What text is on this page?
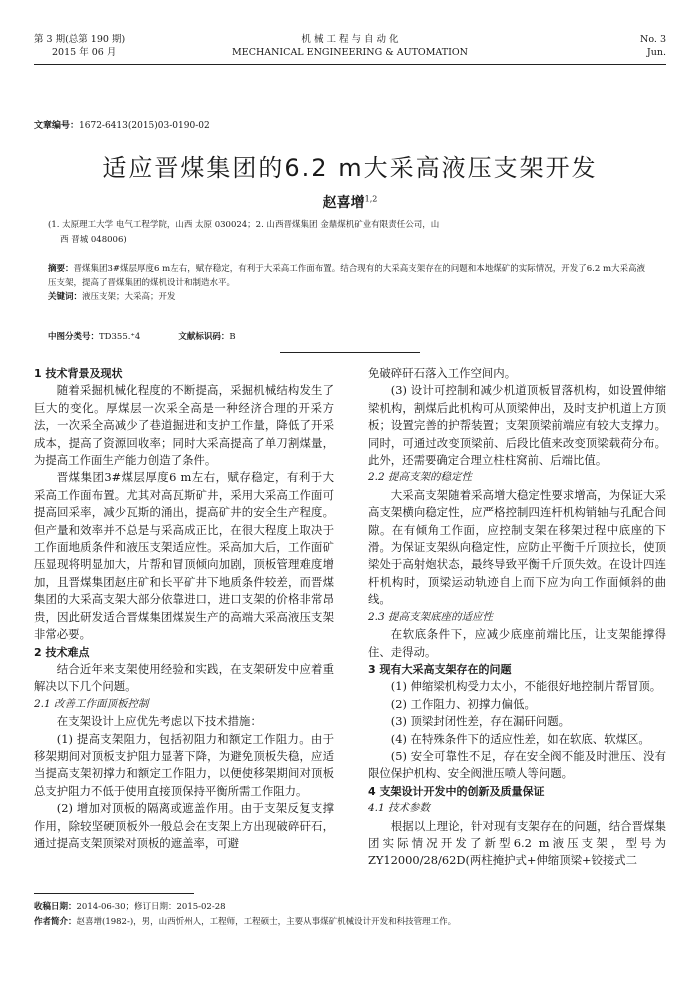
第 3 期(总第 190 期)
2015 年 06 月
机 械 工 程 与 自 动 化
MECHANICAL ENGINEERING & AUTOMATION
No. 3
Jun.
文章编号：1672-6413(2015)03-0190-02
适应晋煤集团的6.2 m大采高液压支架开发
赵喜增$^{1,2}$
(1. 太原理工大学 电气工程学院，山西 太原 030024；2. 山西晋煤集团 金鼎煤机矿业有限责任公司，山
西 晋城 048006)
摘要：晋煤集团3#煤层厚度6 m左右，赋存稳定，有利于大采高工作面布置。结合现有的大采高支架存在的问题和本地煤矿的实际情况，开发了6.2 m大采高液压支架，提高了晋煤集团的煤机设计和制造水平。
关键词：液压支架；大采高；开发
中图分类号：TD355.⁺4	文献标识码：B

1 技术背景及现状

随着采掘机械化程度的不断提高，采掘机械结构发生了巨大的变化。厚煤层一次采全高是一种经济合理的开采方法，一次采全高减少了巷道掘进和支护工作量，降低了开采成本，提高了资源回收率；同时大采高提高了单刀割煤量，为提高工作面生产能力创造了条件。

晋煤集团3#煤层厚度6 m左右，赋存稳定，有利于大采高工作面布置。尤其对高瓦斯矿井，采用大采高工作面可提高回采率，减少瓦斯的涌出，提高矿井的安全生产程度。但产量和效率并不总是与采高成正比，在很大程度上取决于工作面地质条件和液压支架适应性。采高加大后，工作面矿压显现将明显加大，片帮和冒顶倾向加剧，顶板管理难度增加，且晋煤集团赵庄矿和长平矿井下地质条件较差，而晋煤集团的大采高支架大部分依靠进口，进口支架的价格非常昂贵，因此研发适合晋煤集团煤炭生产的高端大采高液压支架非常必要。

2 技术难点

结合近年来支架使用经验和实践，在支架研发中应着重解决以下几个问题。

2.1 改善工作面顶板控制

在支架设计上应优先考虑以下技术措施：

(1) 提高支架阻力，包括初阻力和额定工作阻力。由于移架期间对顶板支护阻力显著下降，为避免顶板失稳，应适当提高支架初撑力和额定工作阻力，以便使移架期间对顶板总支护阻力不低于使用直接顶保持平衡所需工作阻力。

(2) 增加对顶板的隔离或遮盖作用。由于支架反复支撑作用，除较坚硬顶板外一般总会在支架上方出现破碎矸石，通过提高支架顶梁对顶板的遮盖率，可避

免破碎矸石落入工作空间内。

(3) 设计可控制和减少机道顶板冒落机构，如设置伸缩梁机构，割煤后此机构可从顶梁伸出，及时支护机道上方顶板；设置完善的护帮装置；支架顶梁前端应有较大支撑力。同时，可通过改变顶梁前、后段比值来改变顶梁载荷分布。此外，还需要确定合理立柱柱窝前、后端比值。

2.2 提高支架的稳定性

大采高支架随着采高增大稳定性要求增高，为保证大采高支架横向稳定性，应严格控制四连杆机构销轴与孔配合间隙。在有倾角工作面，应控制支架在移架过程中底座的下滑。为保证支架纵向稳定性，应防止平衡千斤顶拉长，使顶梁处于高射炮状态，最终导致平衡千斤顶失效。在设计四连杆机构时，顶梁运动轨迹自上而下应为向工作面倾斜的曲线。

2.3 提高支架底座的适应性

在软底条件下，应减少底座前端比压，让支架能撑得住、走得动。

3 现有大采高支架存在的问题

(1) 伸缩梁机构受力太小，不能很好地控制片帮冒顶。

(2) 工作阻力、初撑力偏低。

(3) 顶梁封闭性差，存在漏矸问题。

(4) 在特殊条件下的适应性差，如在软底、软煤区。

(5) 安全可靠性不足，存在安全阀不能及时泄压、没有限位保护机构、安全阀泄压喷人等问题。

4 支架设计开发中的创新及质量保证

4.1 技术参数

根据以上理论，针对现有支架存在的问题，结合晋煤集团实际情况开发了新型6.2 m液压支架，型号为ZY12000/28/62D(两柱掩护式+伸缩顶梁+铰接式二

收稿日期：2014-06-30；修订日期：2015-02-28
作者简介：赵喜增(1982-)，男，山西忻州人，工程师，工程硕士，主要从事煤矿机械设计开发和科技管理工作。
